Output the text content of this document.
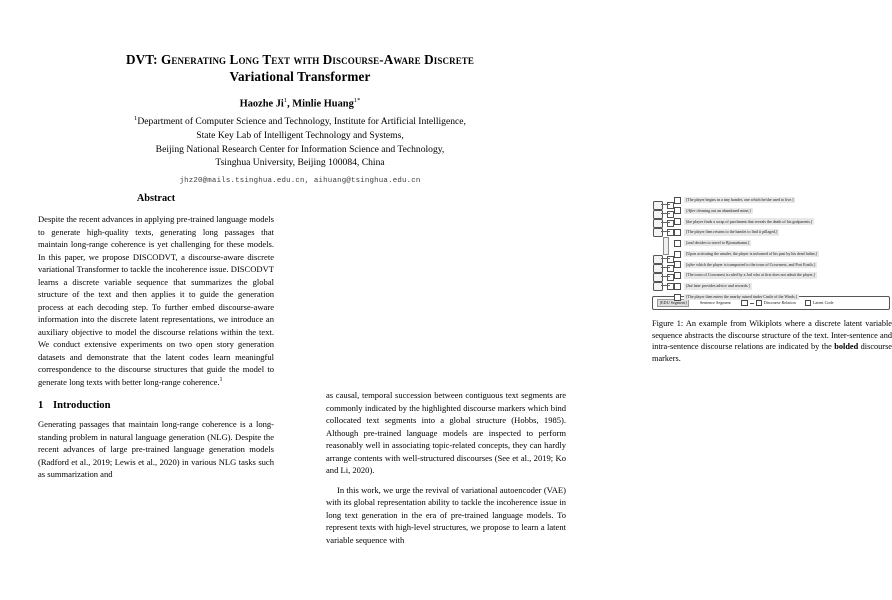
DVT: Generating Long Text with Discourse-Aware Discrete
Variational Transformer
Haozhe Ji$^1$, Minlie Huang$^{1*}$
$^1$Department of Computer Science and Technology, Institute for Artificial Intelligence,
State Key Lab of Intelligent Technology and Systems,
Beijing National Research Center for Information Science and Technology,
Tsinghua University, Beijing 100084, China
jhz20@mails.tsinghua.edu.cn, aihuang@tsinghua.edu.cn
Abstract

Despite the recent advances in applying pre-trained language models to generate high-quality texts, generating long passages that maintain long-range coherence is yet challenging for these models. In this paper, we propose DISCODVT, a discourse-aware discrete variational Transformer to tackle the incoherence issue. DISCODVT learns a discrete variable sequence that summarizes the global structure of the text and then applies it to guide the generation process at each decoding step. To further embed discourse-aware information into the discrete latent representations, we introduce an auxiliary objective to model the discourse relations within the text. We conduct extensive experiments on two open story generation datasets and demonstrate that the latent codes learn meaningful correspondence to the discourse structures that guide the model to generate long texts with better long-range coherence.$^1$

1 Introduction

Generating passages that maintain long-range coherence is a long-standing problem in natural language generation (NLG). Despite the recent advances of large pre-trained language generation models (Radford et al., 2019; Lewis et al., 2020) in various NLG tasks such as summarization and

[The player begins in a tiny hamlet, one which he/she used to live.]
[After cleaning out an abandoned mine,]
[the player finds a scrap of parchment that reveals the death of his godparents.]
[The player then returns to the hamlet to find it pillaged,]
[and decides to travel to Bjornarhamn.]
[Upon activating the amulet, the player is informed of his past by his dead father,]
[after which the player is transported to the town of Crowsnest, and Port Ecnils.]
[The town of Crowsnest is ruled by a Jarl who at first does not admit the player,]
[but later provides advice and rewards.]
[The player then enters the nearby ruined tinder Castle of the Winds.]
[EDU Segment]	Sentence Segment	Discourse Relation	Latent Code
Figure 1: An example from Wikiplots where a discrete latent variable sequence abstracts the discourse structure of the text. Inter-sentence and intra-sentence discourse relations are indicated by the bolded discourse markers.

as causal, temporal succession between contiguous text segments are commonly indicated by the highlighted discourse markers which bind collocated text segments into a global structure (Hobbs, 1985). Although pre-trained language models are inspected to perform reasonably well in associating topic-related concepts, they can hardly arrange contents with well-structured discourses (See et al., 2019; Ko and Li, 2020).

In this work, we urge the revival of variational autoencoder (VAE) with its global representation ability to tackle the incoherence issue in long text generation in the era of pre-trained language models. To represent texts with high-level structures, we propose to learn a latent variable sequence with
